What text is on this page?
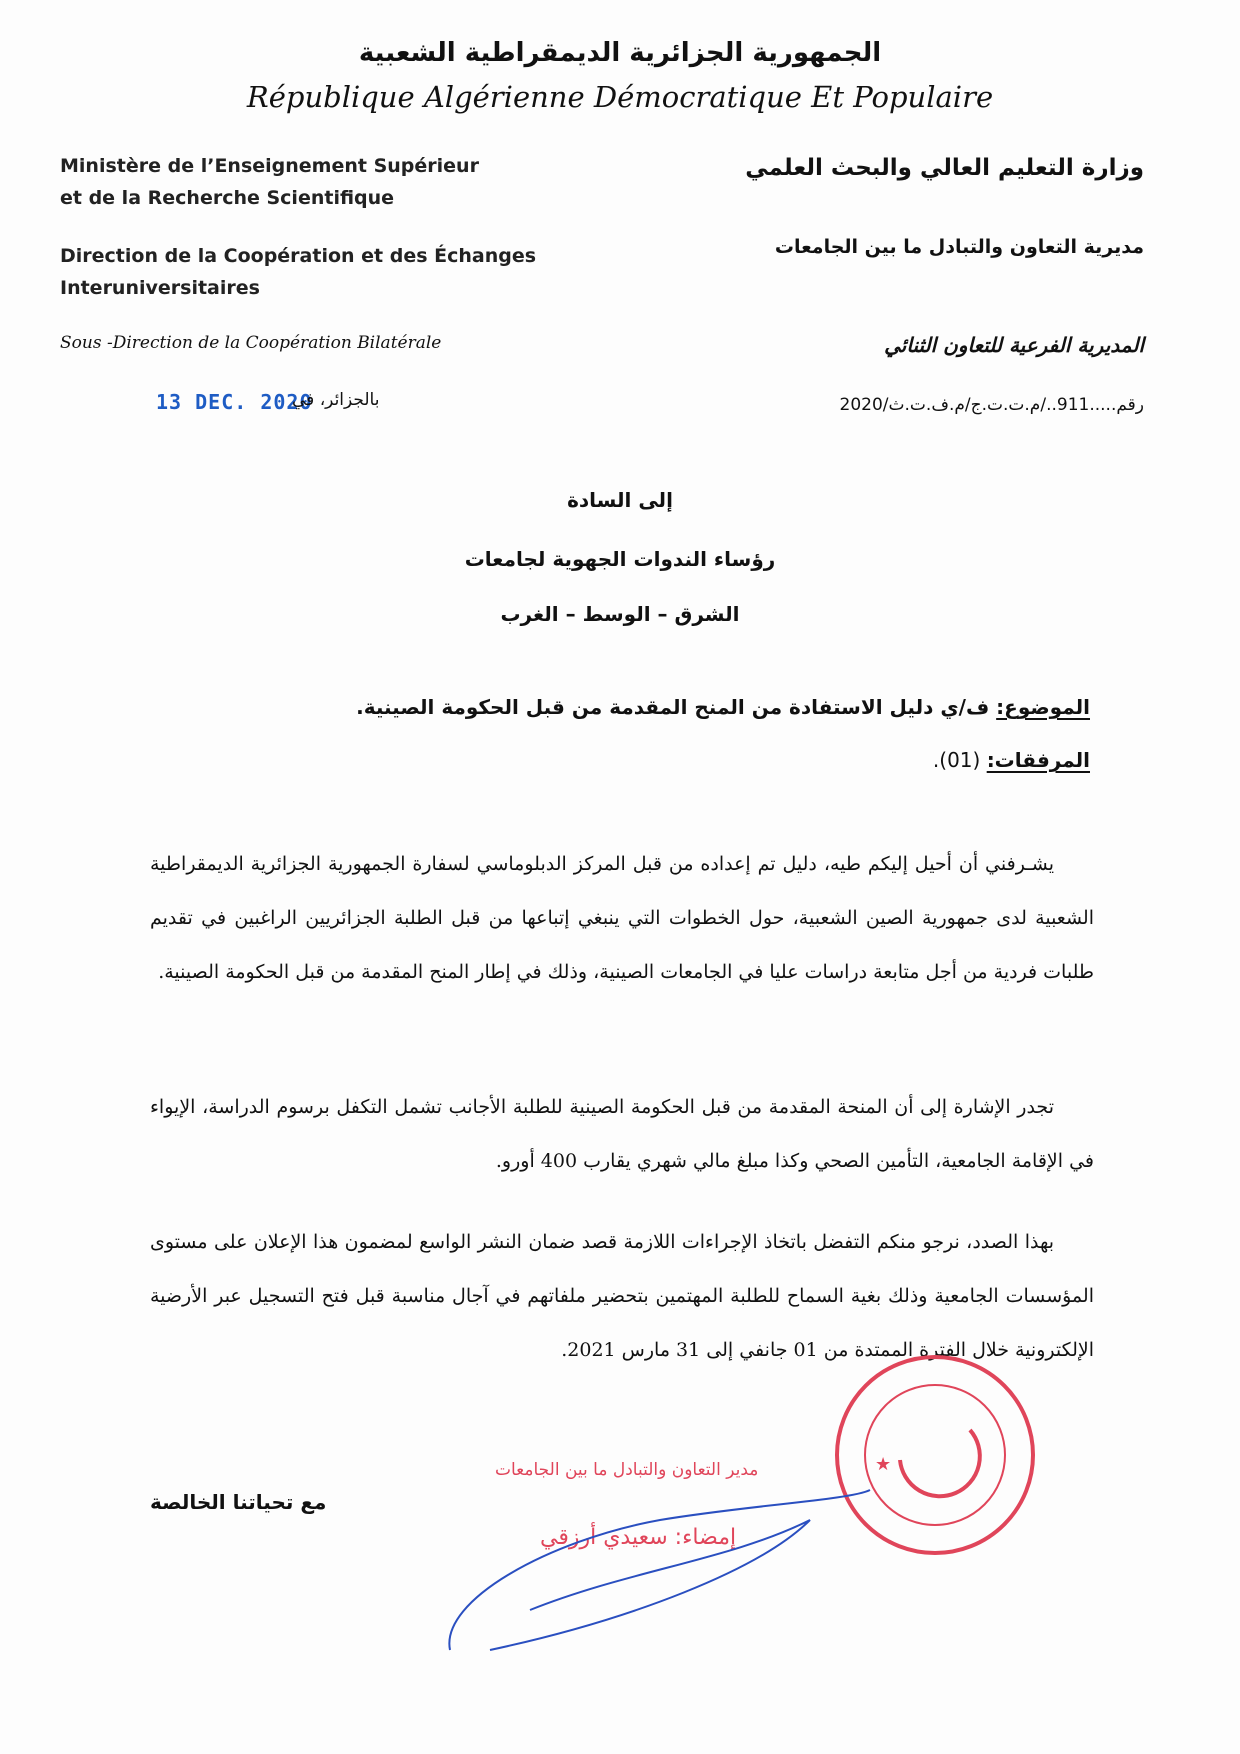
الجمهورية الجزائرية الديمقراطية الشعبية
République Algérienne Démocratique Et Populaire
Ministère de l’Enseignement Supérieur
et de la Recherche Scientifique
Direction de la Coopération et des Échanges
Interuniversitaires
Sous -Direction de la Coopération Bilatérale
13 DEC. 2020
بالجزائر، في
وزارة التعليم العالي والبحث العلمي
مديرية التعاون والتبادل ما بين الجامعات
المديرية الفرعية للتعاون الثنائي
رقم.....911../م.ت.ت.ج/م.ف.ت.ث/2020
إلى السادة
رؤساء الندوات الجهوية لجامعات
الشرق – الوسط – الغرب
الموضوع: ف/ي دليل الاستفادة من المنح المقدمة من قبل الحكومة الصينية.
المرفقات: (01).
يشـرفني أن أحيل إليكم طيه، دليل تم إعداده من قبل المركز الدبلوماسي لسفارة الجمهورية الجزائرية الديمقراطية الشعبية لدى جمهورية الصين الشعبية، حول الخطوات التي ينبغي إتباعها من قبل الطلبة الجزائريين الراغبين في تقديم طلبات فردية من أجل متابعة دراسات عليا في الجامعات الصينية، وذلك في إطار المنح المقدمة من قبل الحكومة الصينية.
تجدر الإشارة إلى أن المنحة المقدمة من قبل الحكومة الصينية للطلبة الأجانب تشمل التكفل برسوم الدراسة، الإيواء في الإقامة الجامعية، التأمين الصحي وكذا مبلغ مالي شهري يقارب 400 أورو.
بهذا الصدد، نرجو منكم التفضل باتخاذ الإجراءات اللازمة قصد ضمان النشر الواسع لمضمون هذا الإعلان على مستوى المؤسسات الجامعية وذلك بغية السماح للطلبة المهتمين بتحضير ملفاتهم في آجال مناسبة قبل فتح التسجيل عبر الأرضية الإلكترونية خلال الفترة الممتدة من 01 جانفي إلى 31 مارس 2021.
مع تحياتنا الخالصة
★
مدير التعاون والتبادل ما بين الجامعات
إمضاء: سعيدي أرزقي
